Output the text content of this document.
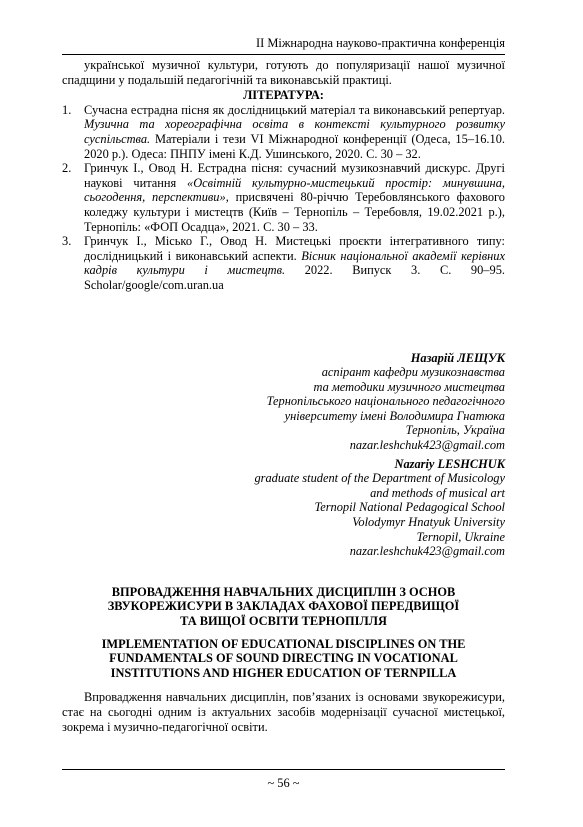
ІІ Міжнародна науково-практична конференція

української музичної культури, готують до популяризації нашої музичної спадщини у подальшій педагогічній та виконавській практиці.

ЛІТЕРАТУРА:

1. Сучасна естрадна пісня як дослідницький матеріал та виконавський репертуар. Музична та хореографічна освіта в контексті культурного розвитку суспільства. Матеріали і тези VI Міжнародної конференції (Одеса, 15–16.10. 2020 р.). Одеса: ПНПУ імені К.Д. Ушинського, 2020. С. 30 – 32.
2. Гринчук І., Овод Н. Естрадна пісня: сучасний музикознавчий дискурс. Другі наукові читання «Освітній культурно-мистецький простір: минувшина, сьогодення, перспективи», присвячені 80-річчю Теребовлянського фахового коледжу культури і мистецтв (Київ – Тернопіль – Теребовля, 19.02.2021 р.), Тернопіль: «ФОП Осадца», 2021. С. 30 – 33.
3. Гринчук І., Місько Г., Овод Н. Мистецькі проєкти інтегративного типу: дослідницький і виконавський аспекти. Вісник національної академії керівних кадрів культури і мистецтв. 2022. Випуск 3. С. 90–95. Scholar/google/com.uran.ua
Назарій ЛЕЩУК
аспірант кафедри музикознавства
та методики музичного мистецтва
Тернопільського національного педагогічного
університету імені Володимира Гнатюка
Тернопіль, Україна
nazar.leshchuk423@gmail.com
Nazariy LESHCHUK
graduate student of the Department of Musicology
and methods of musical art
Ternopil National Pedagogical School
Volodymyr Hnatyuk University
Ternopil, Ukraine
nazar.leshchuk423@gmail.com
ВПРОВАДЖЕННЯ НАВЧАЛЬНИХ ДИСЦИПЛІН З ОСНОВ
ЗВУКОРЕЖИСУРИ В ЗАКЛАДАХ ФАХОВОЇ ПЕРЕДВИЩОЇ
ТА ВИЩОЇ ОСВІТИ ТЕРНОПІЛЛЯ
IMPLEMENTATION OF EDUCATIONAL DISCIPLINES ON THE
FUNDAMENTALS OF SOUND DIRECTING IN VOCATIONAL
INSTITUTIONS AND HIGHER EDUCATION OF TERNPILLA

Впровадження навчальних дисциплін, пов’язаних із основами звукорежисури, стає на сьогодні одним із актуальних засобів модернізації сучасної мистецької, зокрема і музично-педагогічної освіти.

~ 56 ~
